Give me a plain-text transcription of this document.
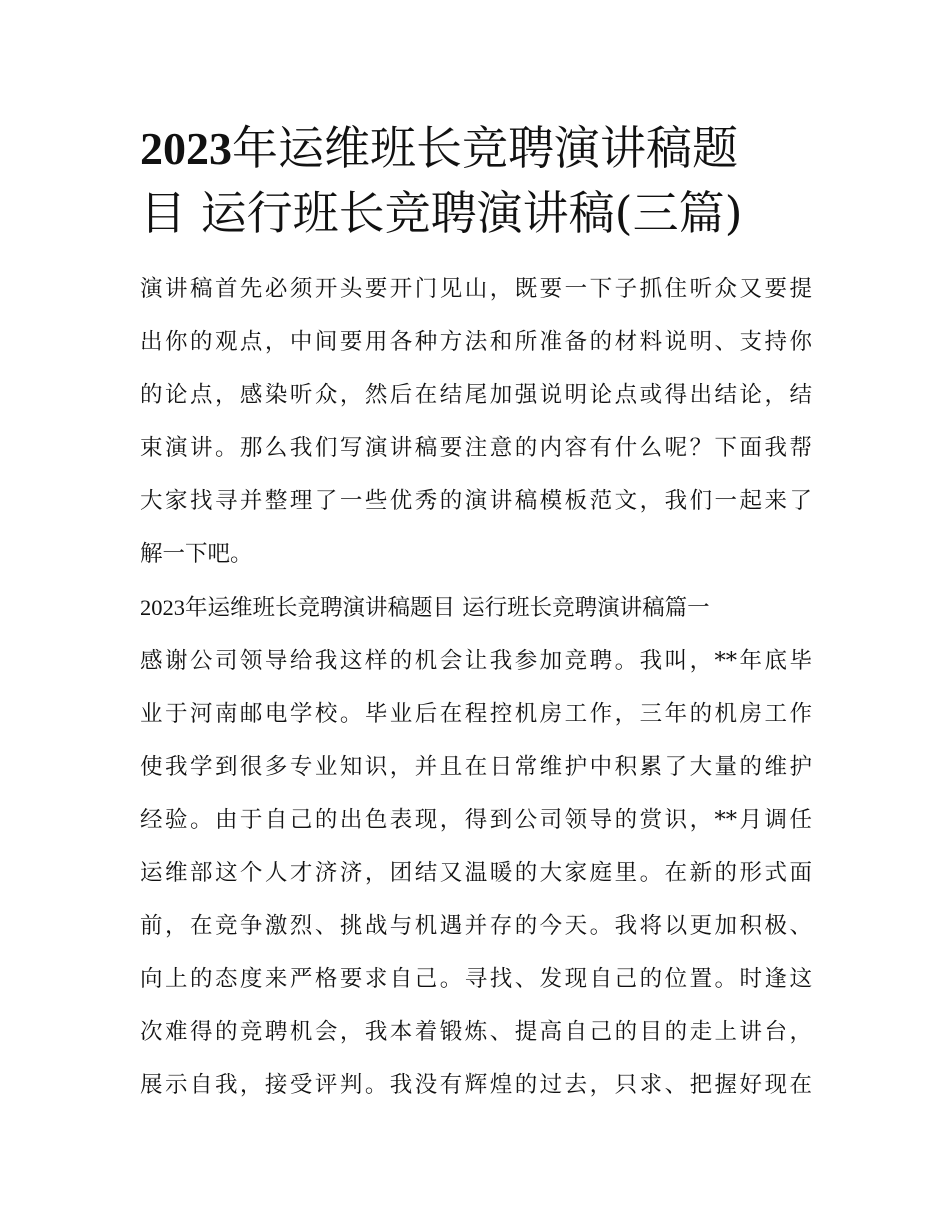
2023年运维班长竞聘演讲稿题
目 运行班长竞聘演讲稿(三篇)
演讲稿首先必须开头要开门见山，既要一下子抓住听众又要提
出你的观点，中间要用各种方法和所准备的材料说明、支持你
的论点，感染听众，然后在结尾加强说明论点或得出结论，结
束演讲。那么我们写演讲稿要注意的内容有什么呢？下面我帮
大家找寻并整理了一些优秀的演讲稿模板范文，我们一起来了
解一下吧。
2023年运维班长竞聘演讲稿题目 运行班长竞聘演讲稿篇一
感谢公司领导给我这样的机会让我参加竞聘。我叫，**年底毕
业于河南邮电学校。毕业后在程控机房工作，三年的机房工作
使我学到很多专业知识，并且在日常维护中积累了大量的维护
经验。由于自己的出色表现，得到公司领导的赏识，**月调任
运维部这个人才济济，团结又温暖的大家庭里。在新的形式面
前，在竞争激烈、挑战与机遇并存的今天。我将以更加积极、
向上的态度来严格要求自己。寻找、发现自己的位置。时逢这
次难得的竞聘机会，我本着锻炼、提高自己的目的走上讲台，
展示自我，接受评判。我没有辉煌的过去，只求、把握好现在
